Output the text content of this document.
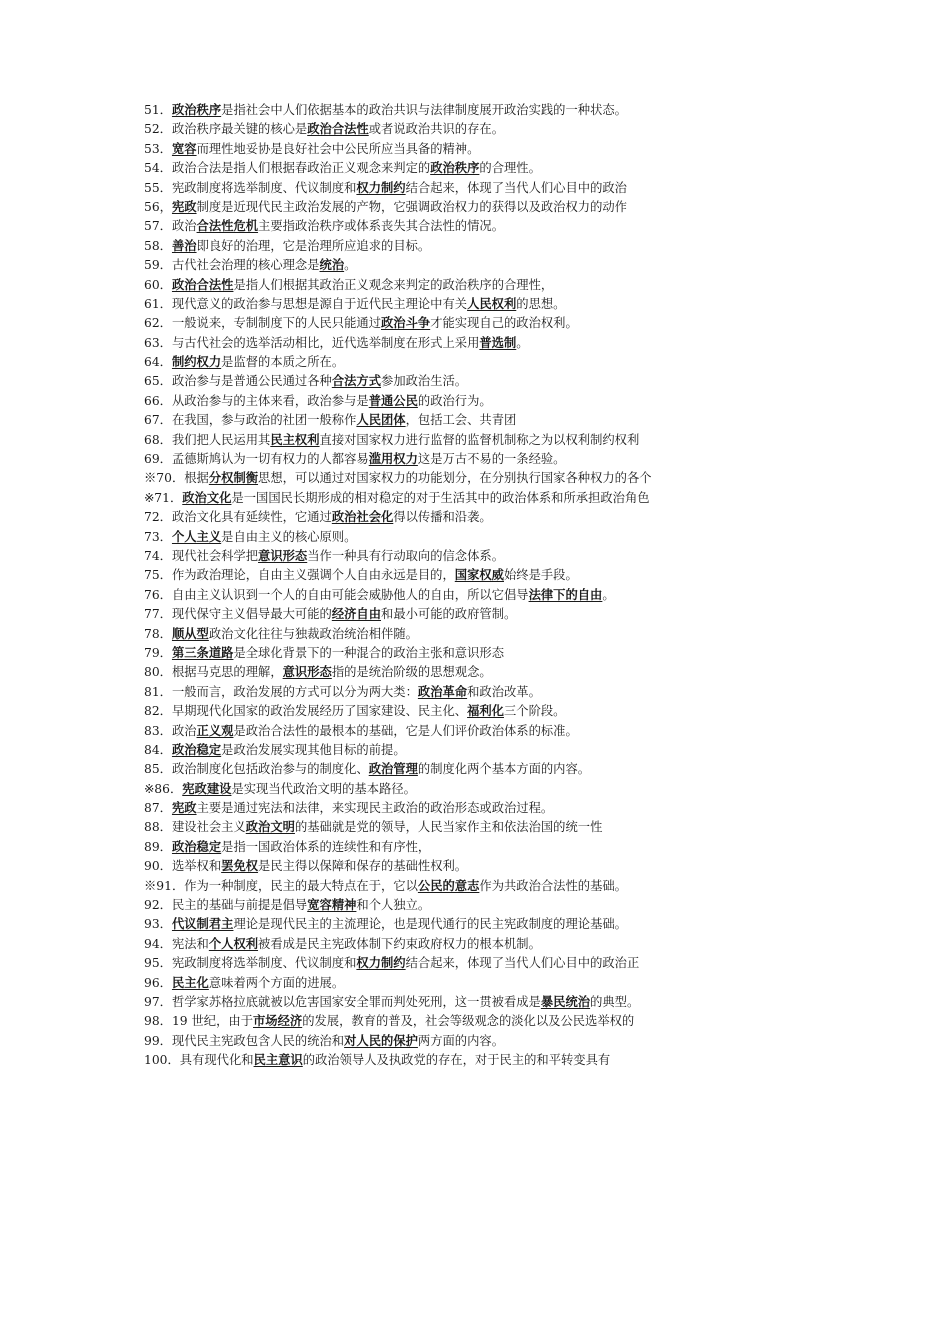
51．政治秩序是指社会中人们依据基本的政治共识与法律制度展开政治实践的一种状态。
52．政治秩序最关键的核心是政治合法性或者说政治共识的存在。
53．宽容而理性地妥协是良好社会中公民所应当具备的精神。
54．政治合法是指人们根据春政治正义观念来判定的政治秩序的合理性。
55．宪政制度将选举制度、代议制度和权力制约结合起来，体现了当代人们心目中的政治
56，宪政制度是近现代民主政治发展的产物，它强调政治权力的获得以及政治权力的动作
57．政治合法性危机主要指政治秩序或体系丧失其合法性的情况。
58．善治即良好的治理，它是治理所应追求的目标。
59．古代社会治理的核心理念是统治。
60．政治合法性是指人们根据其政治正义观念来判定的政治秩序的合理性，
61．现代意义的政治参与思想是源自于近代民主理论中有关人民权利的思想。
62．一般说来，专制制度下的人民只能通过政治斗争才能实现自己的政治权利。
63．与古代社会的选举活动相比，近代选举制度在形式上采用普选制。
64．制约权力是监督的本质之所在。
65．政治参与是普通公民通过各种合法方式参加政治生活。
66．从政治参与的主体来看，政治参与是普通公民的政治行为。
67．在我国，参与政治的社团一般称作人民团体，包括工会、共青团
68．我们把人民运用其民主权利直接对国家权力进行监督的监督机制称之为以权利制约权利
69．孟德斯鸠认为一切有权力的人都容易滥用权力这是万古不易的一条经验。
※70．根据分权制衡思想，可以通过对国家权力的功能划分，在分别执行国家各种权力的各个
※71．政治文化是一国国民长期形成的相对稳定的对于生活其中的政治体系和所承担政治角色
72．政治文化具有延续性，它通过政治社会化得以传播和沿袭。
73．个人主义是自由主义的核心原则。
74．现代社会科学把意识形态当作一种具有行动取向的信念体系。
75．作为政治理论，自由主义强调个人自由永远是目的，国家权威始终是手段。
76．自由主义认识到一个人的自由可能会威胁他人的自由，所以它倡导法律下的自由。
77．现代保守主义倡导最大可能的经济自由和最小可能的政府管制。
78．顺从型政治文化往往与独裁政治统治相伴随。
79．第三条道路是全球化背景下的一种混合的政治主张和意识形态
80．根据马克思的理解，意识形态指的是统治阶级的思想观念。
81．一般而言，政治发展的方式可以分为两大类：政治革命和政治改革。
82．早期现代化国家的政治发展经历了国家建设、民主化、福利化三个阶段。
83．政治正义观是政治合法性的最根本的基础，它是人们评价政治体系的标准。
84．政治稳定是政治发展实现其他目标的前提。
85．政治制度化包括政治参与的制度化、政治管理的制度化两个基本方面的内容。
※86．宪政建设是实现当代政治文明的基本路径。
87．宪政主要是通过宪法和法律，来实现民主政治的政治形态或政治过程。
88．建设社会主义政治文明的基础就是党的领导，人民当家作主和依法治国的统一性
89．政治稳定是指一国政治体系的连续性和有序性，
90．选举权和罢免权是民主得以保障和保存的基础性权利。
※91．作为一种制度，民主的最大特点在于，它以公民的意志作为共政治合法性的基础。
92．民主的基础与前提是倡导宽容精神和个人独立。
93．代议制君主理论是现代民主的主流理论，也是现代通行的民主宪政制度的理论基础。
94．宪法和个人权利被看成是民主宪政体制下约束政府权力的根本机制。
95．宪政制度将选举制度、代议制度和权力制约结合起来，体现了当代人们心目中的政治正
96．民主化意味着两个方面的进展。
97．哲学家苏格拉底就被以危害国家安全罪而判处死刑，这一贯被看成是暴民统治的典型。
98．19 世纪，由于市场经济的发展，教育的普及，社会等级观念的淡化以及公民选举权的
99．现代民主宪政包含人民的统治和对人民的保护两方面的内容。
100．具有现代化和民主意识的政治领导人及执政党的存在，对于民主的和平转变具有
